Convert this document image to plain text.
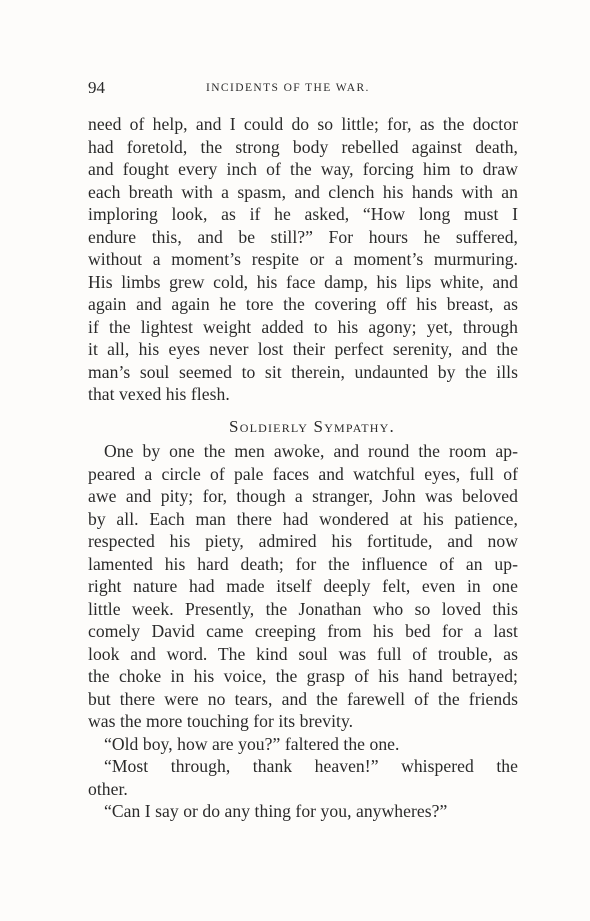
94	INCIDENTS OF THE WAR.
need of help, and I could do so little; for, as the doctor
had foretold, the strong body rebelled against death,
and fought every inch of the way, forcing him to draw
each breath with a spasm, and clench his hands with an
imploring look, as if he asked, “How long must I
endure this, and be still?” For hours he suffered,
without a moment’s respite or a moment’s murmuring.
His limbs grew cold, his face damp, his lips white, and
again and again he tore the covering off his breast, as
if the lightest weight added to his agony; yet, through
it all, his eyes never lost their perfect serenity, and the
man’s soul seemed to sit therein, undaunted by the ills
that vexed his flesh.
Soldierly Sympathy.
One by one the men awoke, and round the room ap-
peared a circle of pale faces and watchful eyes, full of
awe and pity; for, though a stranger, John was beloved
by all. Each man there had wondered at his patience,
respected his piety, admired his fortitude, and now
lamented his hard death; for the influence of an up-
right nature had made itself deeply felt, even in one
little week. Presently, the Jonathan who so loved this
comely David came creeping from his bed for a last
look and word. The kind soul was full of trouble, as
the choke in his voice, the grasp of his hand betrayed;
but there were no tears, and the farewell of the friends
was the more touching for its brevity.
“Old boy, how are you?” faltered the one.
“Most through, thank heaven!” whispered the
other.
“Can I say or do any thing for you, anywheres?”
